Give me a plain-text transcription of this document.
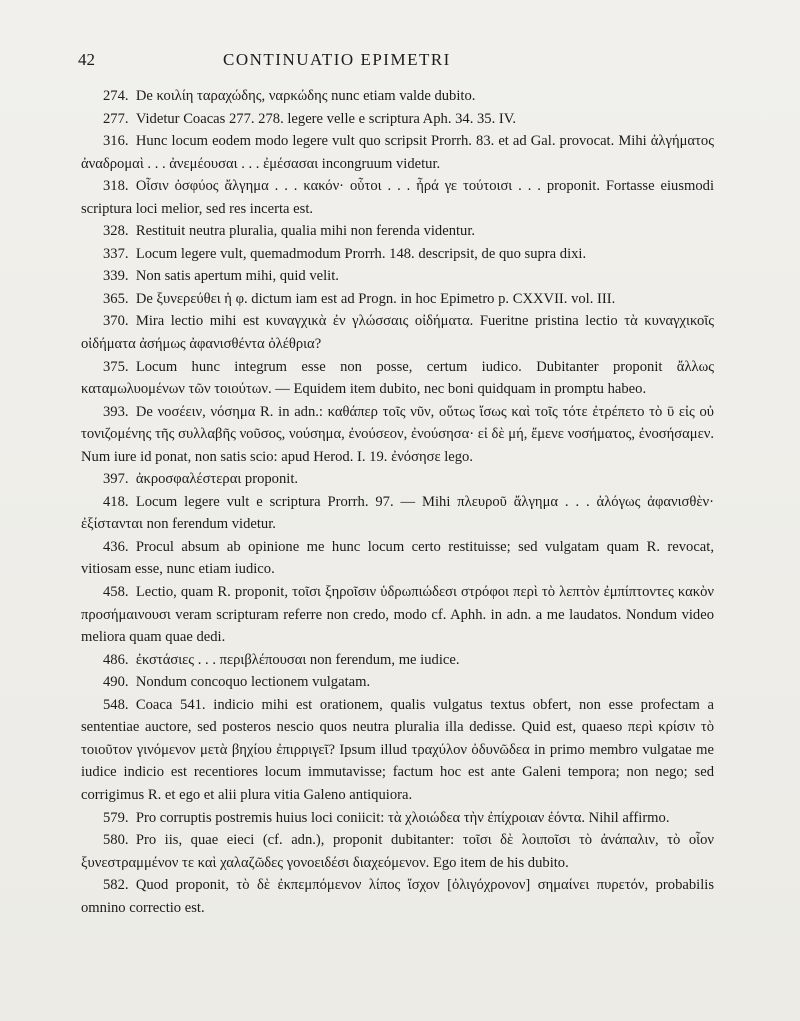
42	CONTINUATIO EPIMETRI

274.  De κοιλίη ταραχώδης, ναρκώδης nunc etiam valde dubito.

277.  Videtur Coacas 277. 278. legere velle e scriptura Aph. 34. 35. IV.

316.  Hunc locum eodem modo legere vult quo scripsit Prorrh. 83. et ad Gal. provocat. Mihi ἀλγήματος ἀναδρομαὶ . . . ἀνεμέουσαι . . . ἐμέσασαι incongruum videtur.

318.  Οἷσιν ὀσφύος ἄλγημα . . . κακόν· οὗτοι . . . ἦρά γε τούτοισι . . . proponit. Fortasse eiusmodi scriptura loci melior, sed res incerta est.

328.  Restituit neutra pluralia, qualia mihi non ferenda videntur.

337.  Locum legere vult, quemadmodum Prorrh. 148. descripsit, de quo supra dixi.

339.  Non satis apertum mihi, quid velit.

365.  De ξυνερεύθει ἡ φ. dictum iam est ad Progn. in hoc Epimetro p. CXXVII. vol. III.

370.  Mira lectio mihi est κυναγχικὰ ἐν γλώσσαις οἰδήματα. Fueritne pristina lectio τὰ κυναγχικοῖς οἰδήματα ἀσήμως ἀφανισθέντα ὀλέθρια?

375.  Locum hunc integrum esse non posse, certum iudico. Dubitanter proponit ἄλλως καταμωλυομένων τῶν τοιούτων. — Equidem item dubito, nec boni quidquam in promptu habeo.

393.  De νοσέειν, νόσημα R. in adn.: καθάπερ τοῖς νῦν, οὕτως ἴσως καὶ τοῖς τότε ἐτρέπετο τὸ ῡ εἰς οὐ τονιζομένης τῆς συλλαβῆς νοῦσος, νούσημα, ἐνούσεον, ἐνούσησα· εἰ δὲ μή, ἔμενε νοσήματος, ἐνοσήσαμεν. Num iure id ponat, non satis scio: apud Herod. I. 19. ἐνόσησε lego.

397.  ἀκροσφαλέστεραι proponit.

418.  Locum legere vult e scriptura Prorrh. 97. — Mihi πλευροῦ ἄλγημα . . . ἀλόγως ἀφανισθὲν· ἐξίστανται non ferendum videtur.

436.  Procul absum ab opinione me hunc locum certo restituisse; sed vulgatam quam R. revocat, vitiosam esse, nunc etiam iudico.

458.  Lectio, quam R. proponit, τοῖσι ξηροῖσιν ὑδρωπιώδεσι στρόφοι περὶ τὸ λεπτὸν ἐμπίπτοντες κακὸν προσήμαινουσι veram scripturam referre non credo, modo cf. Aphh. in adn. a me laudatos. Nondum video meliora quam quae dedi.

486.  ἐκστάσιες . . . περιβλέπουσαι non ferendum, me iudice.

490.  Nondum concoquo lectionem vulgatam.

548.  Coaca 541. indicio mihi est orationem, qualis vulgatus textus obfert, non esse profectam a sententiae auctore, sed posteros nescio quos neutra pluralia illa dedisse. Quid est, quaeso περὶ κρίσιν τὸ τοιοῦτον γινόμενον μετὰ βηχίου ἐπιρριγεῖ? Ipsum illud τραχύλον ὀδυνῶδεα in primo membro vulgatae me iudice indicio est recentiores locum immutavisse; factum hoc est ante Galeni tempora; non nego; sed corrigimus R. et ego et alii plura vitia Galeno antiquiora.

579.  Pro corruptis postremis huius loci coniicit: τὰ χλοιώδεα τὴν ἐπίχροιαν ἐόντα. Nihil affirmo.

580.  Pro iis, quae eieci (cf. adn.), proponit dubitanter: τοῖσι δὲ λοιποῖσι τὸ ἀνάπαλιν, τὸ οἷον ξυνεστραμμένον τε καὶ χαλαζῶδες γονοειδέσι διαχεόμενον. Ego item de his dubito.

582.  Quod proponit, τὸ δὲ ἐκπεμπόμενον λίπος ἴσχον [ὀλιγόχρονον] σημαίνει πυρετόν, probabilis omnino correctio est.
